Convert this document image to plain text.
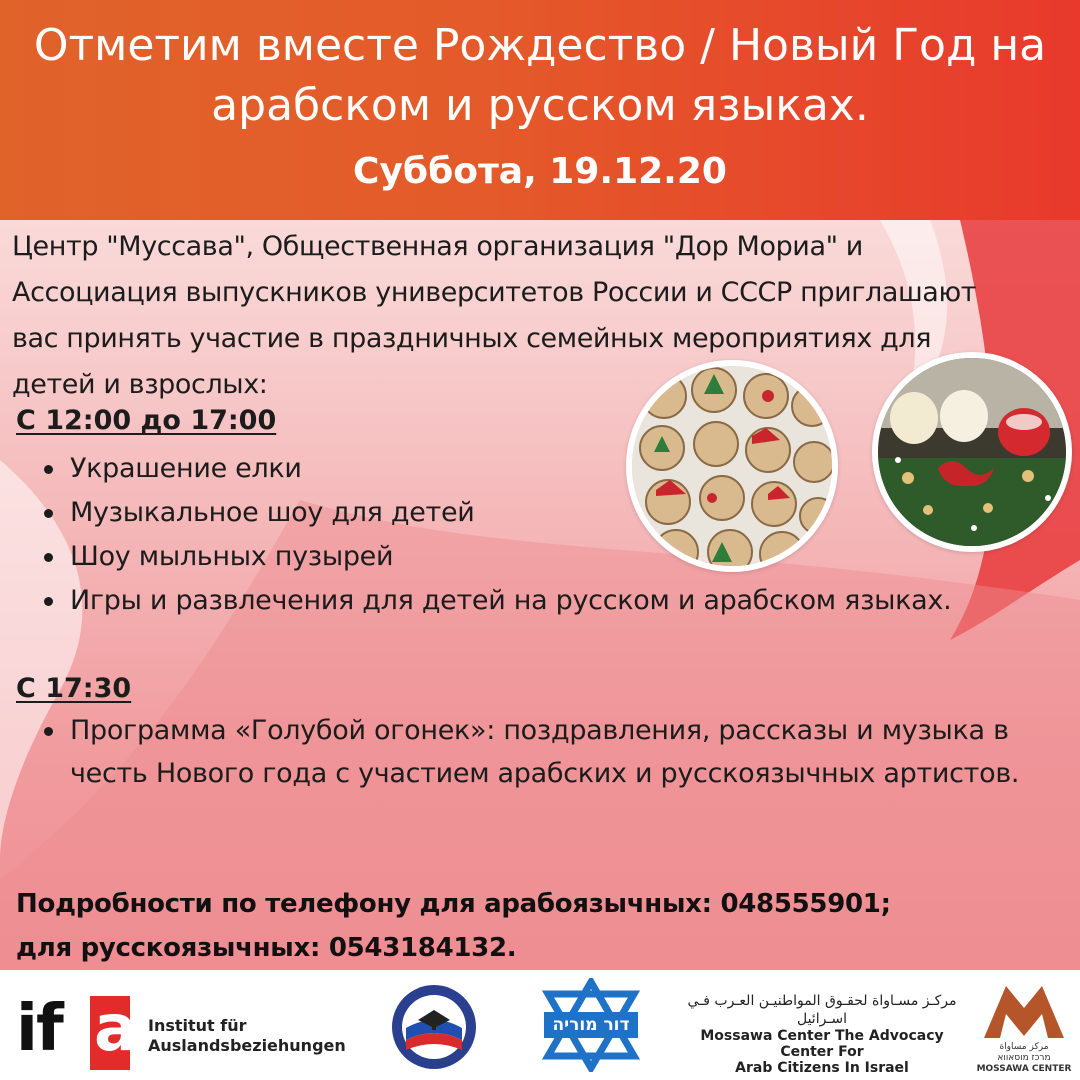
Отметим вместе Рождество / Новый Год на арабском и русском языках.
Суббота, 19.12.20
Центр "Муссава", Общественная организация "Дор Мориа" и Ассоциация выпускников университетов России и СССР приглашают вас принять участие в праздничных семейных мероприятиях для детей и взрослых:
С 12:00 до 17:00
Украшение елки
Музыкальное шоу для детей
Шоу мыльных пузырей
Игры и развлечения для детей на русском и арабском языках.
С 17:30
Программа «Голубой огонек»: поздравления, рассказы и музыка в честь Нового года с участием арабских и русскоязычных артистов.
Подробности по телефону для арабоязычных: 048555901;
для русскоязычных: 0543184132.
if a Institut für
Auslandsbeziehungen
דור מוריה
مركـز مسـاواة لحقـوق المواطنيـن العـرب فـي اسـرائيل
Mossawa Center The Advocacy Center For
Arab Citizens In Israel
مركز مساواة
מרכז מוסאווא
MOSSAWA CENTER
